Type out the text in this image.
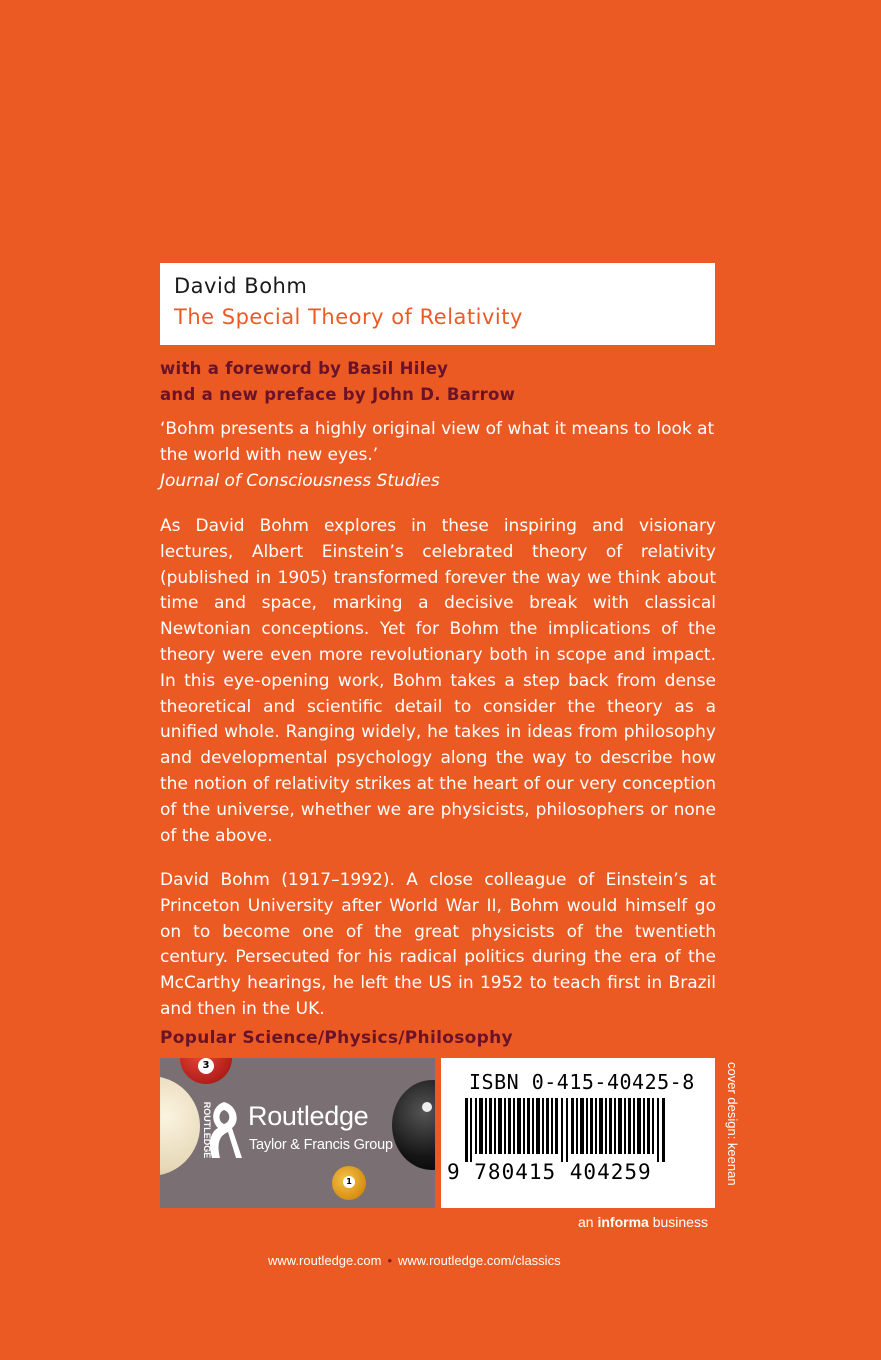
David Bohm
The Special Theory of Relativity
with a foreword by Basil Hiley
and a new preface by John D. Barrow
‘Bohm presents a highly original view of what it means to look at the world with new eyes.’
Journal of Consciousness Studies
As David Bohm explores in these inspiring and visionary lectures, Albert Einstein’s celebrated theory of relativity (published in 1905) transformed forever the way we think about time and space, marking a decisive break with classical Newtonian conceptions. Yet for Bohm the implications of the theory were even more revolutionary both in scope and impact. In this eye-opening work, Bohm takes a step back from dense theoretical and scientific detail to consider the theory as a unified whole. Ranging widely, he takes in ideas from philosophy and developmental psychology along the way to describe how the notion of relativity strikes at the heart of our very conception of the universe, whether we are physicists, philosophers or none of the above.
David Bohm (1917–1992). A close colleague of Einstein’s at Princeton University after World War II, Bohm would himself go on to become one of the great physicists of the twentieth century. Persecuted for his radical politics during the era of the McCarthy hearings, he left the US in 1952 to teach first in Brazil and then in the UK.
Popular Science/Physics/Philosophy
3
1
ROUTLEDGE Routledge
Taylor & Francis Group
ISBN 0-415-40425-8
9 780415 404259	cover design: keenan
an informa business
www.routledge.com • www.routledge.com/classics
